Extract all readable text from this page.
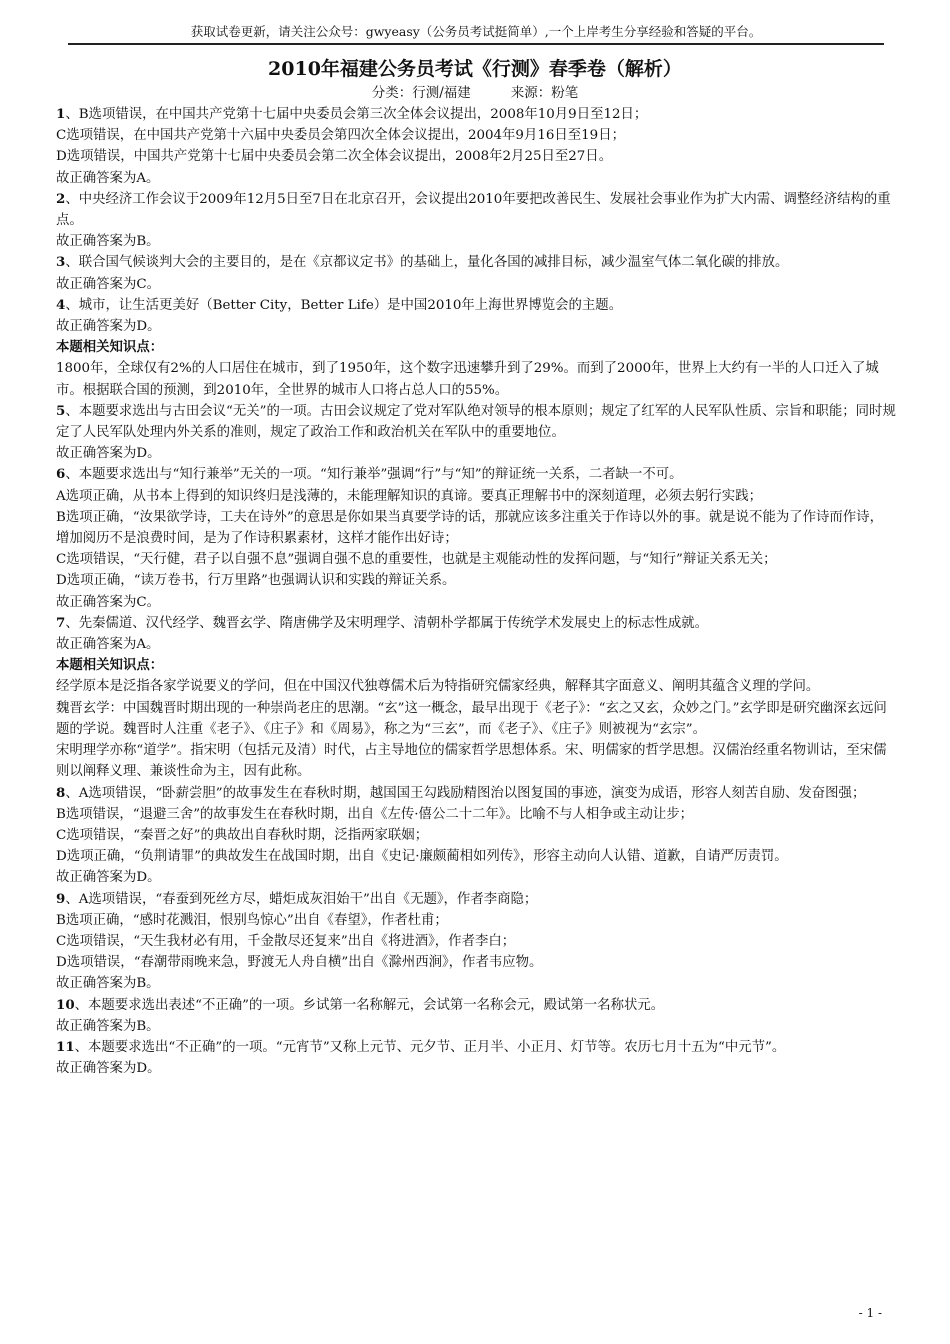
获取试卷更新，请关注公众号：gwyeasy（公务员考试挺简单）,一个上岸考生分享经验和答疑的平台。
2010年福建公务员考试《行测》春季卷（解析）
分类：行测/福建	来源：粉笔

1、B选项错误，在中国共产党第十七届中央委员会第三次全体会议提出，2008年10月9日至12日；

C选项错误，在中国共产党第十六届中央委员会第四次全体会议提出，2004年9月16日至19日；

D选项错误，中国共产党第十七届中央委员会第二次全体会议提出，2008年2月25日至27日。

故正确答案为A。

2、中央经济工作会议于2009年12月5日至7日在北京召开，会议提出2010年要把改善民生、发展社会事业作为扩大内需、调整经济结构的重点。

故正确答案为B。

3、联合国气候谈判大会的主要目的，是在《京都议定书》的基础上，量化各国的减排目标，减少温室气体二氧化碳的排放。

故正确答案为C。

4、城市，让生活更美好（Better City，Better Life）是中国2010年上海世界博览会的主题。

故正确答案为D。

本题相关知识点：

1800年，全球仅有2%的人口居住在城市，到了1950年，这个数字迅速攀升到了29%。而到了2000年，世界上大约有一半的人口迁入了城市。根据联合国的预测，到2010年，全世界的城市人口将占总人口的55%。

5、本题要求选出与古田会议“无关”的一项。古田会议规定了党对军队绝对领导的根本原则；规定了红军的人民军队性质、宗旨和职能；同时规定了人民军队处理内外关系的准则，规定了政治工作和政治机关在军队中的重要地位。

故正确答案为D。

6、本题要求选出与“知行兼举”无关的一项。“知行兼举”强调“行”与“知”的辩证统一关系，二者缺一不可。

A选项正确，从书本上得到的知识终归是浅薄的，未能理解知识的真谛。要真正理解书中的深刻道理，必须去躬行实践；

B选项正确，“汝果欲学诗，工夫在诗外”的意思是你如果当真要学诗的话，那就应该多注重关于作诗以外的事。就是说不能为了作诗而作诗，增加阅历不是浪费时间，是为了作诗积累素材，这样才能作出好诗；

C选项错误，“天行健，君子以自强不息”强调自强不息的重要性，也就是主观能动性的发挥问题，与“知行”辩证关系无关；

D选项正确，“读万卷书，行万里路”也强调认识和实践的辩证关系。

故正确答案为C。

7、先秦儒道、汉代经学、魏晋玄学、隋唐佛学及宋明理学、清朝朴学都属于传统学术发展史上的标志性成就。

故正确答案为A。

本题相关知识点：

经学原本是泛指各家学说要义的学问，但在中国汉代独尊儒术后为特指研究儒家经典，解释其字面意义、阐明其蕴含义理的学问。

魏晋玄学：中国魏晋时期出现的一种崇尚老庄的思潮。“玄”这一概念，最早出现于《老子》：“玄之又玄，众妙之门。”玄学即是研究幽深玄远问题的学说。魏晋时人注重《老子》、《庄子》和《周易》，称之为“三玄”，而《老子》、《庄子》则被视为“玄宗”。

宋明理学亦称“道学”。指宋明（包括元及清）时代，占主导地位的儒家哲学思想体系。宋、明儒家的哲学思想。汉儒治经重名物训诂，至宋儒则以阐释义理、兼谈性命为主，因有此称。

8、A选项错误，“卧薪尝胆”的故事发生在春秋时期，越国国王勾践励精图治以图复国的事迹，演变为成语，形容人刻苦自励、发奋图强；

B选项错误，“退避三舍”的故事发生在春秋时期，出自《左传·僖公二十二年》。比喻不与人相争或主动让步；

C选项错误，“秦晋之好”的典故出自春秋时期，泛指两家联姻；

D选项正确，“负荆请罪”的典故发生在战国时期，出自《史记·廉颇蔺相如列传》，形容主动向人认错、道歉，自请严厉责罚。

故正确答案为D。

9、A选项错误，“春蚕到死丝方尽，蜡炬成灰泪始干”出自《无题》，作者李商隐；

B选项正确，“感时花溅泪，恨别鸟惊心”出自《春望》，作者杜甫；

C选项错误，“天生我材必有用，千金散尽还复来”出自《将进酒》，作者李白；

D选项错误，“春潮带雨晚来急，野渡无人舟自横”出自《滁州西涧》，作者韦应物。

故正确答案为B。

10、本题要求选出表述“不正确”的一项。乡试第一名称解元，会试第一名称会元，殿试第一名称状元。

故正确答案为B。

11、本题要求选出“不正确”的一项。“元宵节”又称上元节、元夕节、正月半、小正月、灯节等。农历七月十五为“中元节”。

故正确答案为D。

- 1 -
